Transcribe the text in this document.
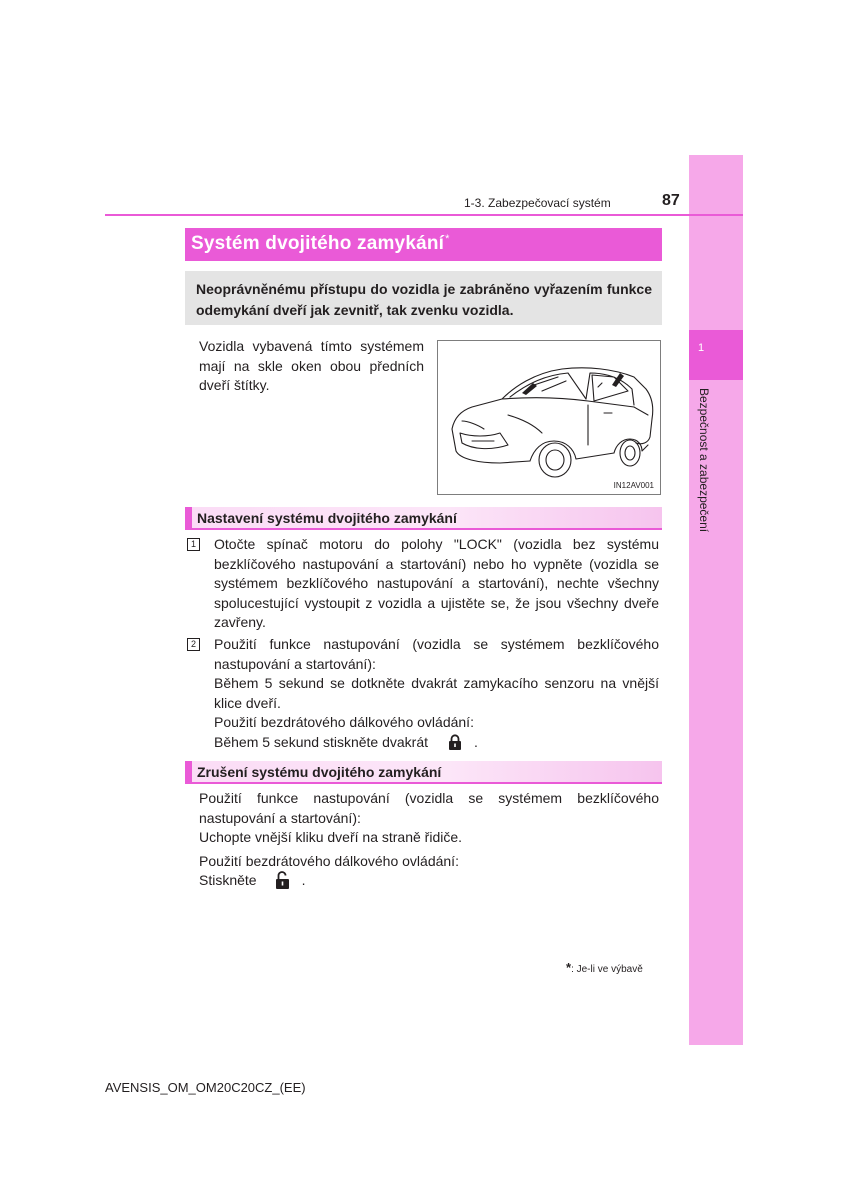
1
Bezpečnost a zabezpečení
1-3. Zabezpečovací systém	87
Systém dvojitého zamykání*
Neoprávněnému přístupu do vozidla je zabráněno vyřazením funkce odemykání dveří jak zevnitř, tak zvenku vozidla.
Vozidla vybavená tímto systémem mají na skle oken obou předních dveří štítky.
IN12AV001
Nastavení systému dvojitého zamykání
1 Otočte spínač motoru do polohy "LOCK" (vozidla bez systému bezklíčového nastupování a startování) nebo ho vypněte (vozidla se systémem bezklíčového nastupování a startování), nechte všechny spolucestující vystoupit z vozidla a ujistěte se, že jsou všechny dveře zavřeny.
2 Použití funkce nastupování (vozidla se systémem bezklíčového nastupování a startování):
Během 5 sekund se dotkněte dvakrát zamykacího senzoru na vnější klice dveří.
Použití bezdrátového dálkového ovládání:
Během 5 sekund stiskněte dvakrát	.
Zrušení systému dvojitého zamykání
Použití funkce nastupování (vozidla se systémem bezklíčového nastupování a startování):
Uchopte vnější kliku dveří na straně řidiče.
Použití bezdrátového dálkového ovládání:
Stiskněte	.
*: Je-li ve výbavě
AVENSIS_OM_OM20C20CZ_(EE)
